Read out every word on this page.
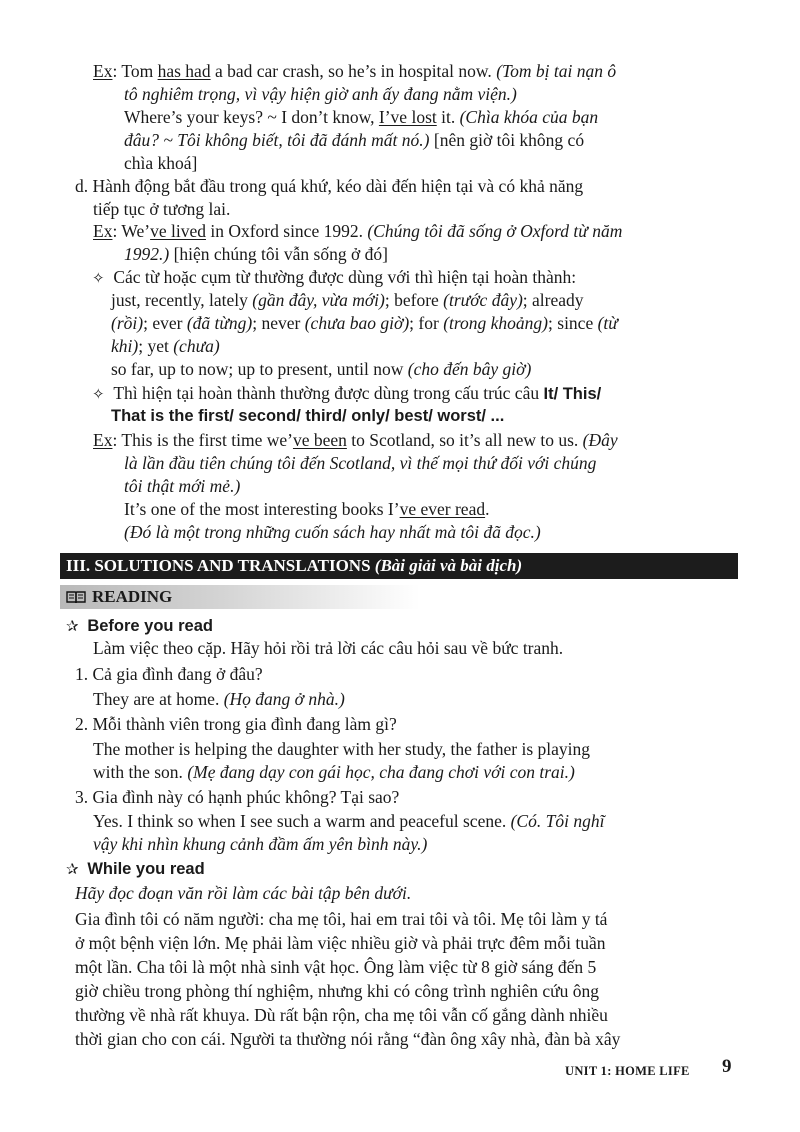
Ex: Tom has had a bad car crash, so he’s in hospital now. (Tom bị tai nạn ô
tô nghiêm trọng, vì vậy hiện giờ anh ấy đang nằm viện.)
Where’s your keys? ~ I don’t know, I’ve lost it. (Chìa khóa của bạn
đâu? ~ Tôi không biết, tôi đã đánh mất nó.) [nên giờ tôi không có
chìa khoá]
d. Hành động bắt đầu trong quá khứ, kéo dài đến hiện tại và có khả năng
tiếp tục ở tương lai.
Ex: We’ve lived in Oxford since 1992. (Chúng tôi đã sống ở Oxford từ năm
1992.) [hiện chúng tôi vẫn sống ở đó]
✧ Các từ hoặc cụm từ thường được dùng với thì hiện tại hoàn thành:
just, recently, lately (gần đây, vừa mới); before (trước đây); already
(rồi); ever (đã từng); never (chưa bao giờ); for (trong khoảng); since (từ
khi); yet (chưa)
so far, up to now; up to present, until now (cho đến bây giờ)
✧ Thì hiện tại hoàn thành thường được dùng trong cấu trúc câu It/ This/
That is the first/ second/ third/ only/ best/ worst/ ...
Ex: This is the first time we’ve been to Scotland, so it’s all new to us. (Đây
là lần đầu tiên chúng tôi đến Scotland, vì thế mọi thứ đối với chúng
tôi thật mới mẻ.)
It’s one of the most interesting books I’ve ever read.
(Đó là một trong những cuốn sách hay nhất mà tôi đã đọc.)
III. SOLUTIONS AND TRANSLATIONS (Bài giải và bài dịch)
READING
✰ Before you read
Làm việc theo cặp. Hãy hỏi rồi trả lời các câu hỏi sau về bức tranh.
1. Cả gia đình đang ở đâu?
They are at home. (Họ đang ở nhà.)
2. Mỗi thành viên trong gia đình đang làm gì?
The mother is helping the daughter with her study, the father is playing
with the son. (Mẹ đang dạy con gái học, cha đang chơi với con trai.)
3. Gia đình này có hạnh phúc không? Tại sao?
Yes. I think so when I see such a warm and peaceful scene. (Có. Tôi nghĩ
vậy khi nhìn khung cảnh đầm ấm yên bình này.)
✰ While you read
Hãy đọc đoạn văn rồi làm các bài tập bên dưới.
Gia đình tôi có năm người: cha mẹ tôi, hai em trai tôi và tôi. Mẹ tôi làm y tá
ở một bệnh viện lớn. Mẹ phải làm việc nhiều giờ và phải trực đêm mỗi tuần
một lần. Cha tôi là một nhà sinh vật học. Ông làm việc từ 8 giờ sáng đến 5
giờ chiều trong phòng thí nghiệm, nhưng khi có công trình nghiên cứu ông
thường về nhà rất khuya. Dù rất bận rộn, cha mẹ tôi vẫn cố gắng dành nhiều
thời gian cho con cái. Người ta thường nói rằng “đàn ông xây nhà, đàn bà xây
UNIT 1: HOME LIFE 9
